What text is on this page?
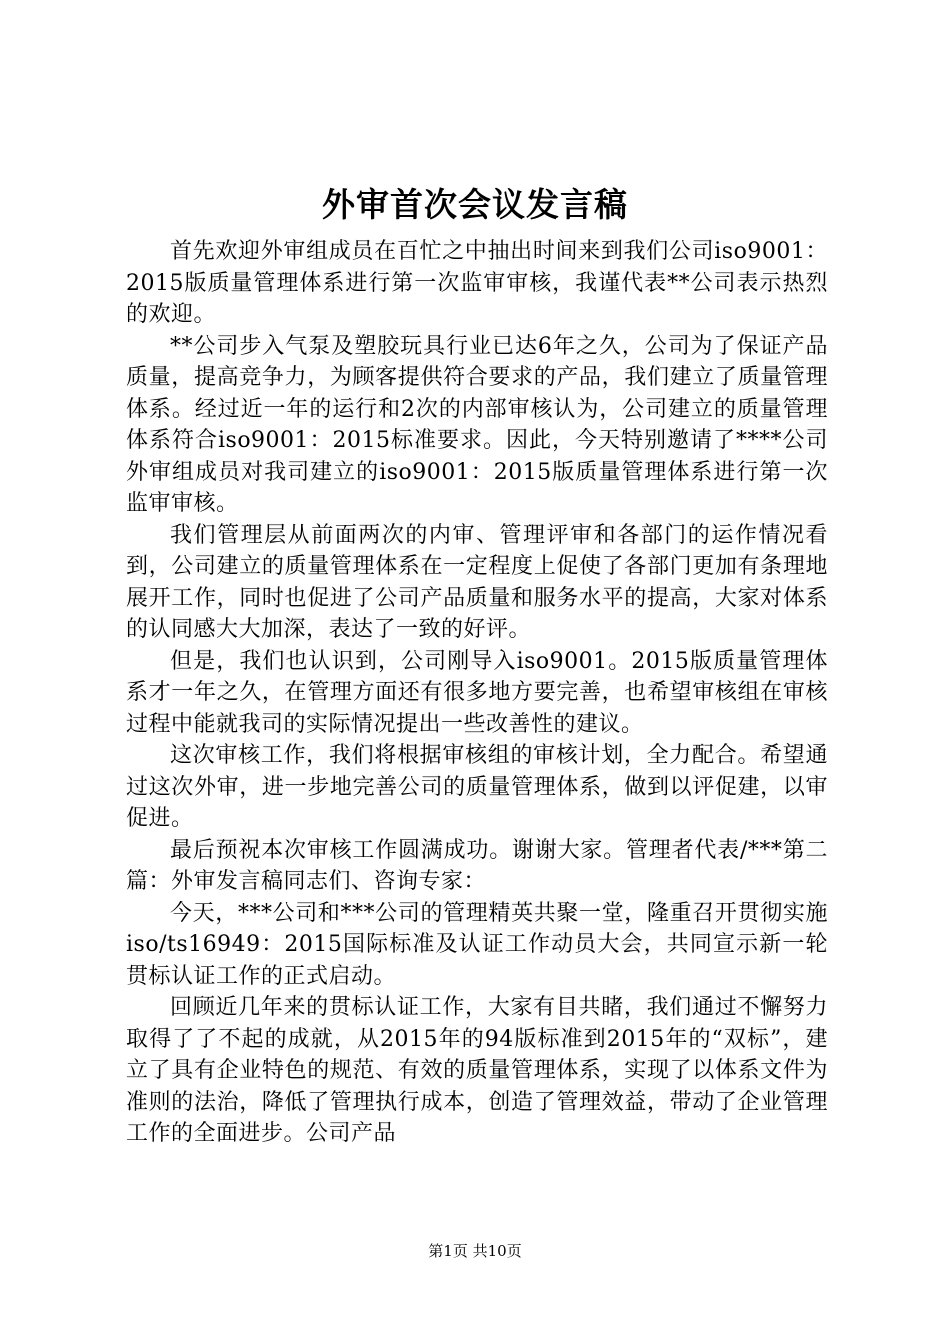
外审首次会议发言稿

首先欢迎外审组成员在百忙之中抽出时间来到我们公司iso9001：2015版质量管理体系进行第一次监审审核，我谨代表**公司表示热烈的欢迎。

**公司步入气泵及塑胶玩具行业已达6年之久，公司为了保证产品质量，提高竞争力，为顾客提供符合要求的产品，我们建立了质量管理体系。经过近一年的运行和2次的内部审核认为，公司建立的质量管理体系符合iso9001：2015标准要求。因此，今天特别邀请了****公司外审组成员对我司建立的iso9001：2015版质量管理体系进行第一次监审审核。

我们管理层从前面两次的内审、管理评审和各部门的运作情况看到，公司建立的质量管理体系在一定程度上促使了各部门更加有条理地展开工作，同时也促进了公司产品质量和服务水平的提高，大家对体系的认同感大大加深，表达了一致的好评。

但是，我们也认识到，公司刚导入iso9001。2015版质量管理体系才一年之久，在管理方面还有很多地方要完善，也希望审核组在审核过程中能就我司的实际情况提出一些改善性的建议。

这次审核工作，我们将根据审核组的审核计划，全力配合。希望通过这次外审，进一步地完善公司的质量管理体系，做到以评促建，以审促进。

最后预祝本次审核工作圆满成功。谢谢大家。管理者代表/***第二篇：外审发言稿同志们、咨询专家：

今天，***公司和***公司的管理精英共聚一堂，隆重召开贯彻实施iso/ts16949：2015国际标准及认证工作动员大会，共同宣示新一轮贯标认证工作的正式启动。

回顾近几年来的贯标认证工作，大家有目共睹，我们通过不懈努力取得了了不起的成就，从2015年的94版标准到2015年的“双标”，建立了具有企业特色的规范、有效的质量管理体系，实现了以体系文件为准则的法治，降低了管理执行成本，创造了管理效益，带动了企业管理工作的全面进步。公司产品

第1页 共10页
